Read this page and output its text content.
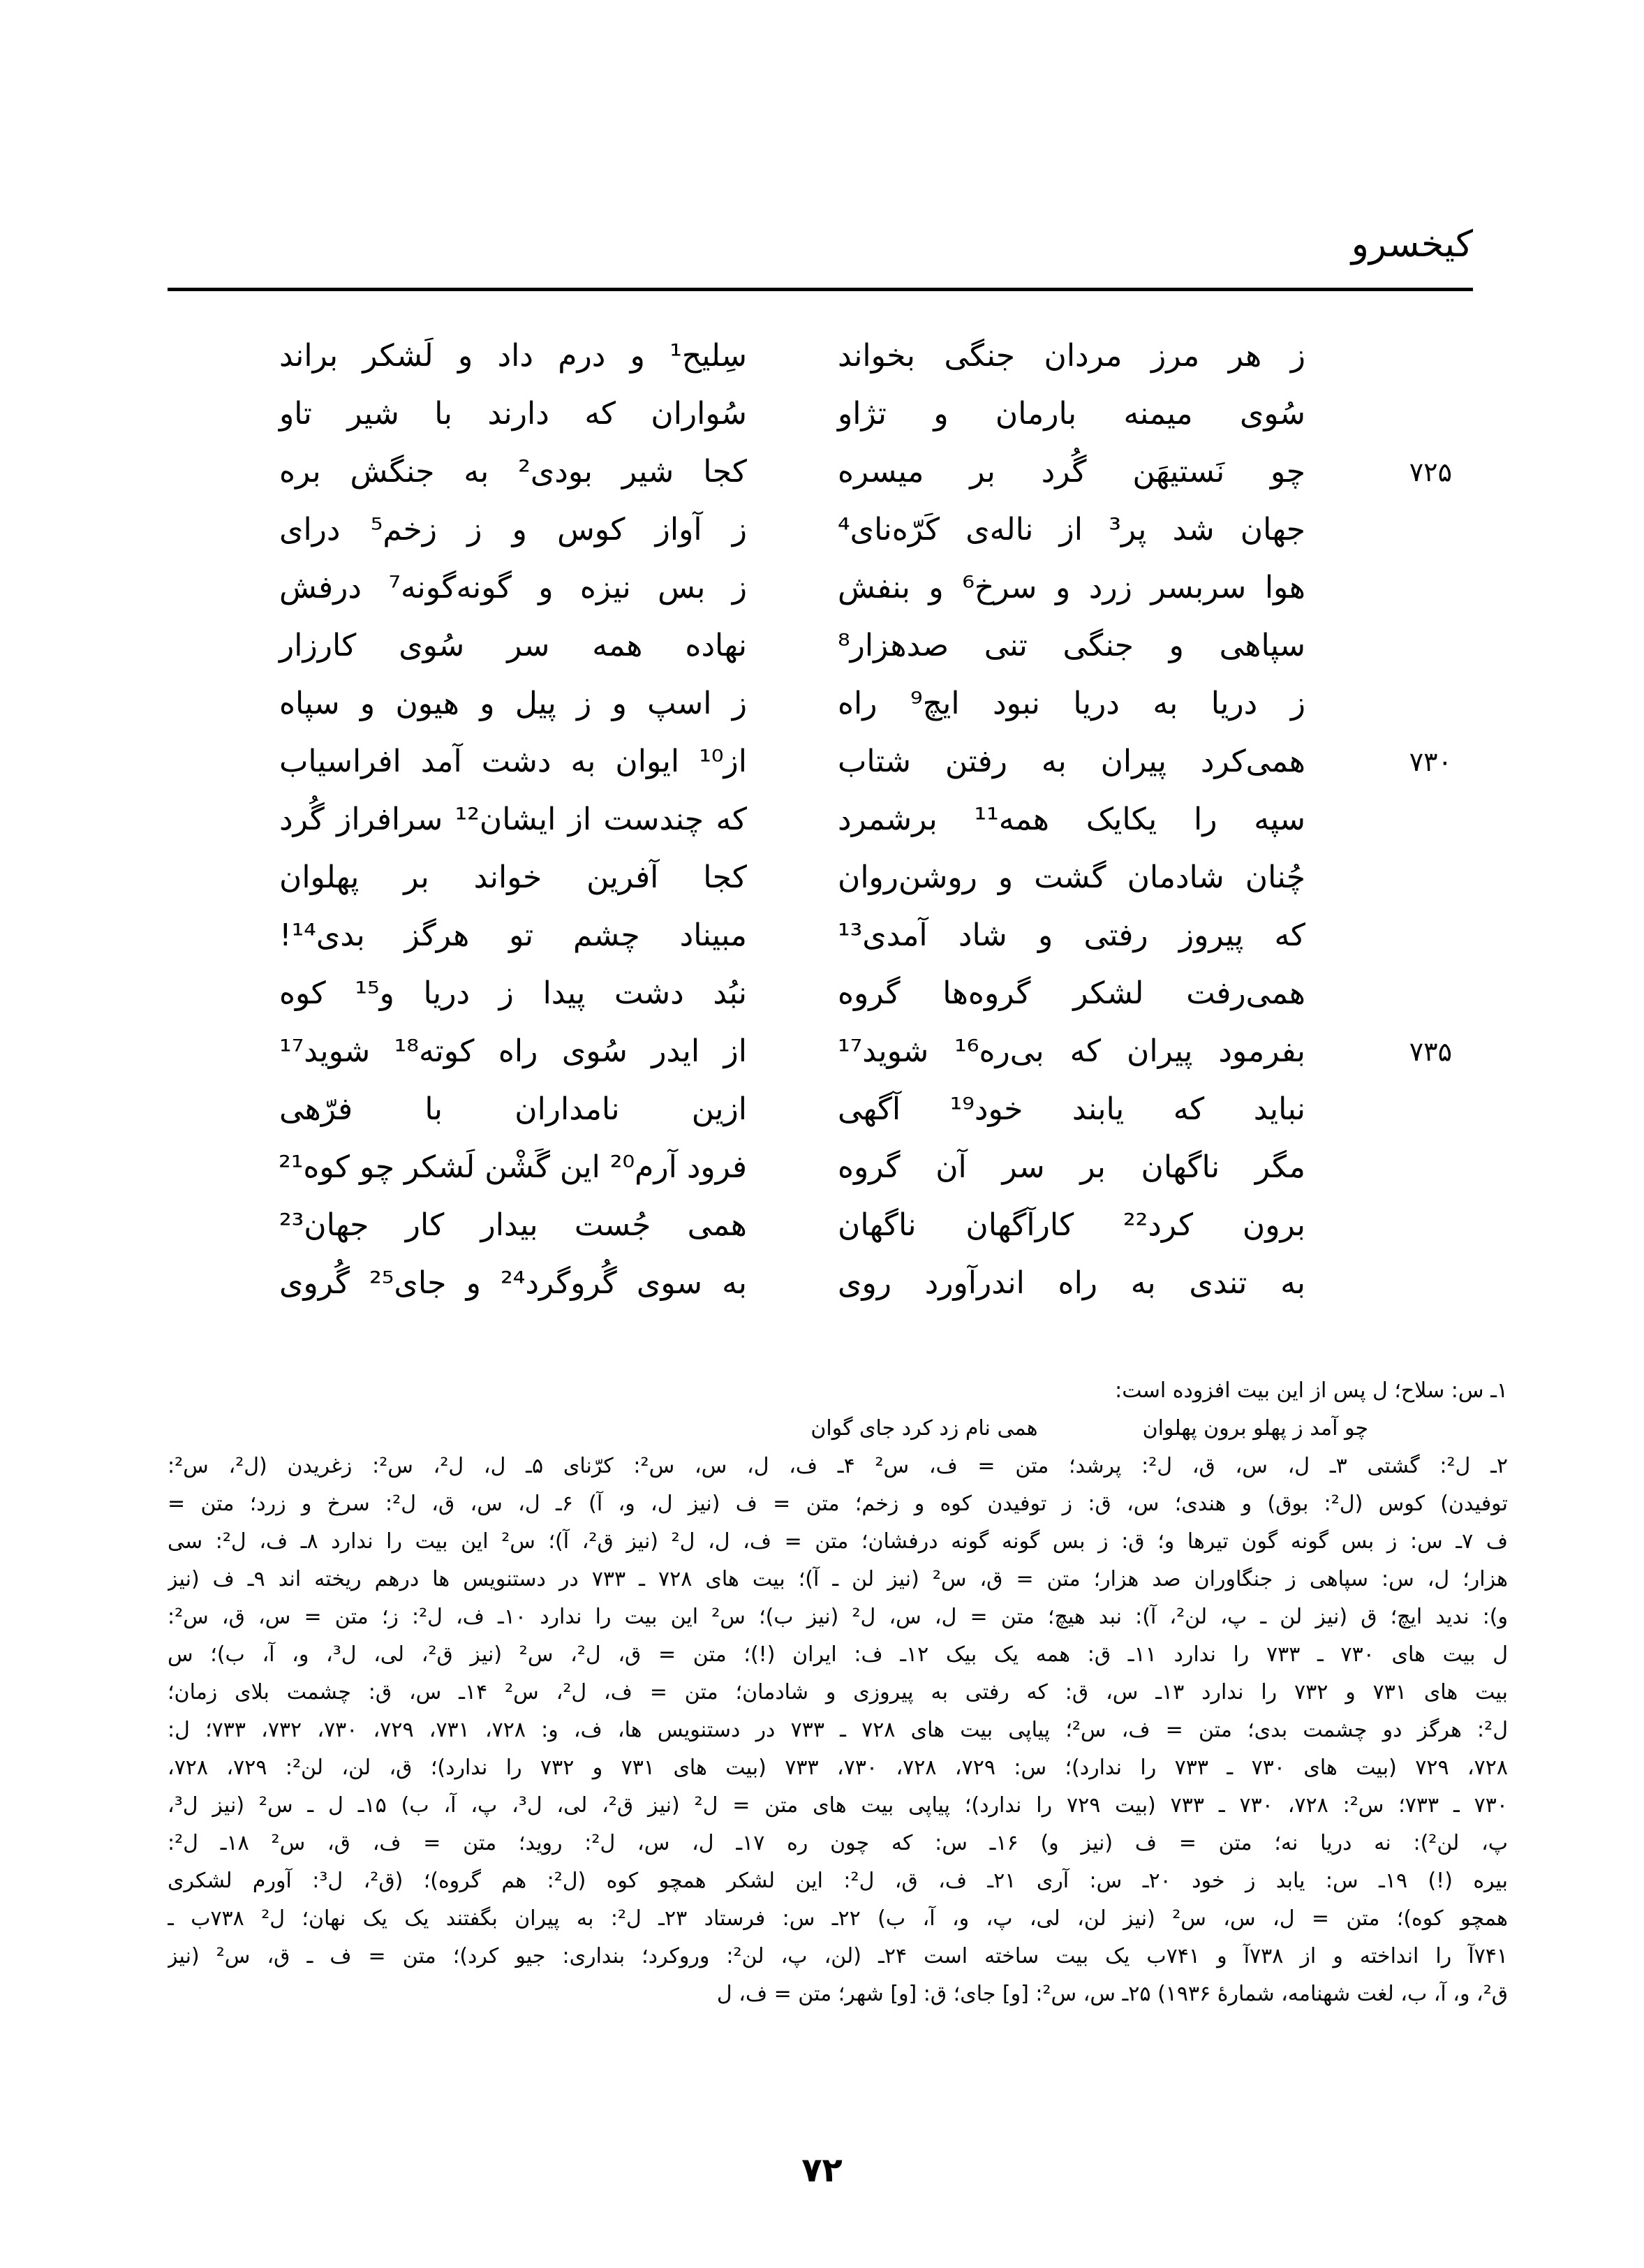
کیخسرو
ز هر مرز مردان جنگی بخواند
سِلیح¹ و درم داد و لَشکر براند
سُوی میمنه بارمان و تژاو
سُواران که دارند با شیر تاو
۷۲۵
چو نَستیهَن گُرد بر میسره
کجا شیر بودی² به جنگش بره
جهان شد پر³ از ناله‌ی کَرّه‌نای⁴
ز آواز کوس و ز زخم⁵ درای
هوا سربسر زرد و سرخ⁶ و بنفش
ز بس نیزه و گونه‌گونه⁷ درفش
سپاهی و جنگی تنی صدهزار⁸
نهاده همه سر سُوی کارزار
ز دریا به دریا نبود ایچ⁹ راه
ز اسپ و ز پیل و هیون و سپاه
۷۳۰
همی‌کرد پیران به رفتن شتاب
از¹⁰ ایوان به دشت آمد افراسیاب
سپه را یکایک همه¹¹ برشمرد
که چندست از ایشان¹² سرافراز گُرد
چُنان شادمان گشت و روشن‌روان
کجا آفرین خواند بر پهلوان
که پیروز رفتی و شاد آمدی¹³
مبیناد چشم تو هرگز بدی¹⁴!
همی‌رفت لشکر گروه‌ها گروه
نبُد دشت پیدا ز دریا و¹⁵ کوه
۷۳۵
بفرمود پیران که بی‌ره¹⁶ شوید¹⁷
از ایدر سُوی راه کوته¹⁸ شوید¹⁷
نباید که یابند خود¹⁹ آگهی
ازین نامداران با فرّهی
مگر ناگهان بر سر آن گروه
فرود آرم²⁰ این گَشْن لَشکر چو کوه²¹
برون کرد²² کارآگهان ناگهان
همی جُست بیدار کار جهان²³
به تندی به راه اندرآورد روی
به سوی گُروگرد²⁴ و جای²⁵ گُروی
۱ـ س: سلاح؛ ل پس از این بیت افزوده است:
چو آمد ز پهلو برون پهلوان
همی نام زد کرد جای گوان
۲ـ ل²: گشتی ۳ـ ل، س، ق، ل²: پرشد؛ متن = ف، س² ۴ـ ف، ل، س، س²: کرّنای ۵ـ ل، ل²، س²: زغریدن (ل²، س²:
توفیدن) کوس (ل²: بوق) و هندی؛ س، ق: ز توفیدن کوه و زخم؛ متن = ف (نیز ل، و، آ) ۶ـ ل، س، ق، ل²: سرخ و زرد؛ متن =
ف ۷ـ س: ز بس گونه گون تیرها و؛ ق: ز بس گونه گونه درفشان؛ متن = ف، ل، ل² (نیز ق²، آ)؛ س² این بیت را ندارد ۸ـ ف، ل²: سی
هزار؛ ل، س: سپاهی ز جنگاوران صد هزار؛ متن = ق، س² (نیز لن ـ آ)؛ بیت های ۷۲۸ ـ ۷۳۳ در دستنویس ها درهم ریخته اند ۹ـ ف (نیز
و): ندید ایچ؛ ق (نیز لن ـ پ، لن²، آ): نبد هیچ؛ متن = ل، س، ل² (نیز ب)؛ س² این بیت را ندارد ۱۰ـ ف، ل²: ز؛ متن = س، ق، س²:
ل بیت های ۷۳۰ ـ ۷۳۳ را ندارد ۱۱ـ ق: همه یک بیک ۱۲ـ ف: ایران (!)؛ متن = ق، ل²، س² (نیز ق²، لی، ل³، و، آ، ب)؛ س
بیت های ۷۳۱ و ۷۳۲ را ندارد ۱۳ـ س، ق: که رفتی به پیروزی و شادمان؛ متن = ف، ل²، س² ۱۴ـ س، ق: چشمت بلای زمان؛
ل²: هرگز دو چشمت بدی؛ متن = ف، س²؛ پیاپی بیت های ۷۲۸ ـ ۷۳۳ در دستنویس ها، ف، و: ۷۲۸، ۷۳۱، ۷۲۹، ۷۳۰، ۷۳۲، ۷۳۳؛ ل:
۷۲۸، ۷۲۹ (بیت های ۷۳۰ ـ ۷۳۳ را ندارد)؛ س: ۷۲۹، ۷۲۸، ۷۳۰، ۷۳۳ (بیت های ۷۳۱ و ۷۳۲ را ندارد)؛ ق، لن، لن²: ۷۲۹، ۷۲۸،
۷۳۰ ـ ۷۳۳؛ س²: ۷۲۸، ۷۳۰ ـ ۷۳۳ (بیت ۷۲۹ را ندارد)؛ پیاپی بیت های متن = ل² (نیز ق²، لی، ل³، پ، آ، ب) ۱۵ـ ل ـ س² (نیز ل³،
پ، لن²): نه دریا نه؛ متن = ف (نیز و) ۱۶ـ س: که چون ره ۱۷ـ ل، س، ل²: روید؛ متن = ف، ق، س² ۱۸ـ ل²:
بیره (!) ۱۹ـ س: یابد ز خود ۲۰ـ س: آری ۲۱ـ ف، ق، ل²: این لشکر همچو کوه (ل²: هم گروه)؛ (ق²، ل³: آورم لشکری
همچو کوه)؛ متن = ل، س، س² (نیز لن، لی، پ، و، آ، ب) ۲۲ـ س: فرستاد ۲۳ـ ل²: به پیران بگفتند یک یک نهان؛ ل² ۷۳۸ب ـ
۷۴۱آ را انداخته و از ۷۳۸آ و ۷۴۱ب یک بیت ساخته است ۲۴ـ (لن، پ، لن²: وروکرد؛ بنداری: جیو کرد)؛ متن = ف ـ ق، س² (نیز
ق²، و، آ، ب، لغت شهنامه، شمارهٔ ۱۹۳۶) ۲۵ـ س، س²: [و] جای؛ ق: [و] شهر؛ متن = ف، ل
۷۲
